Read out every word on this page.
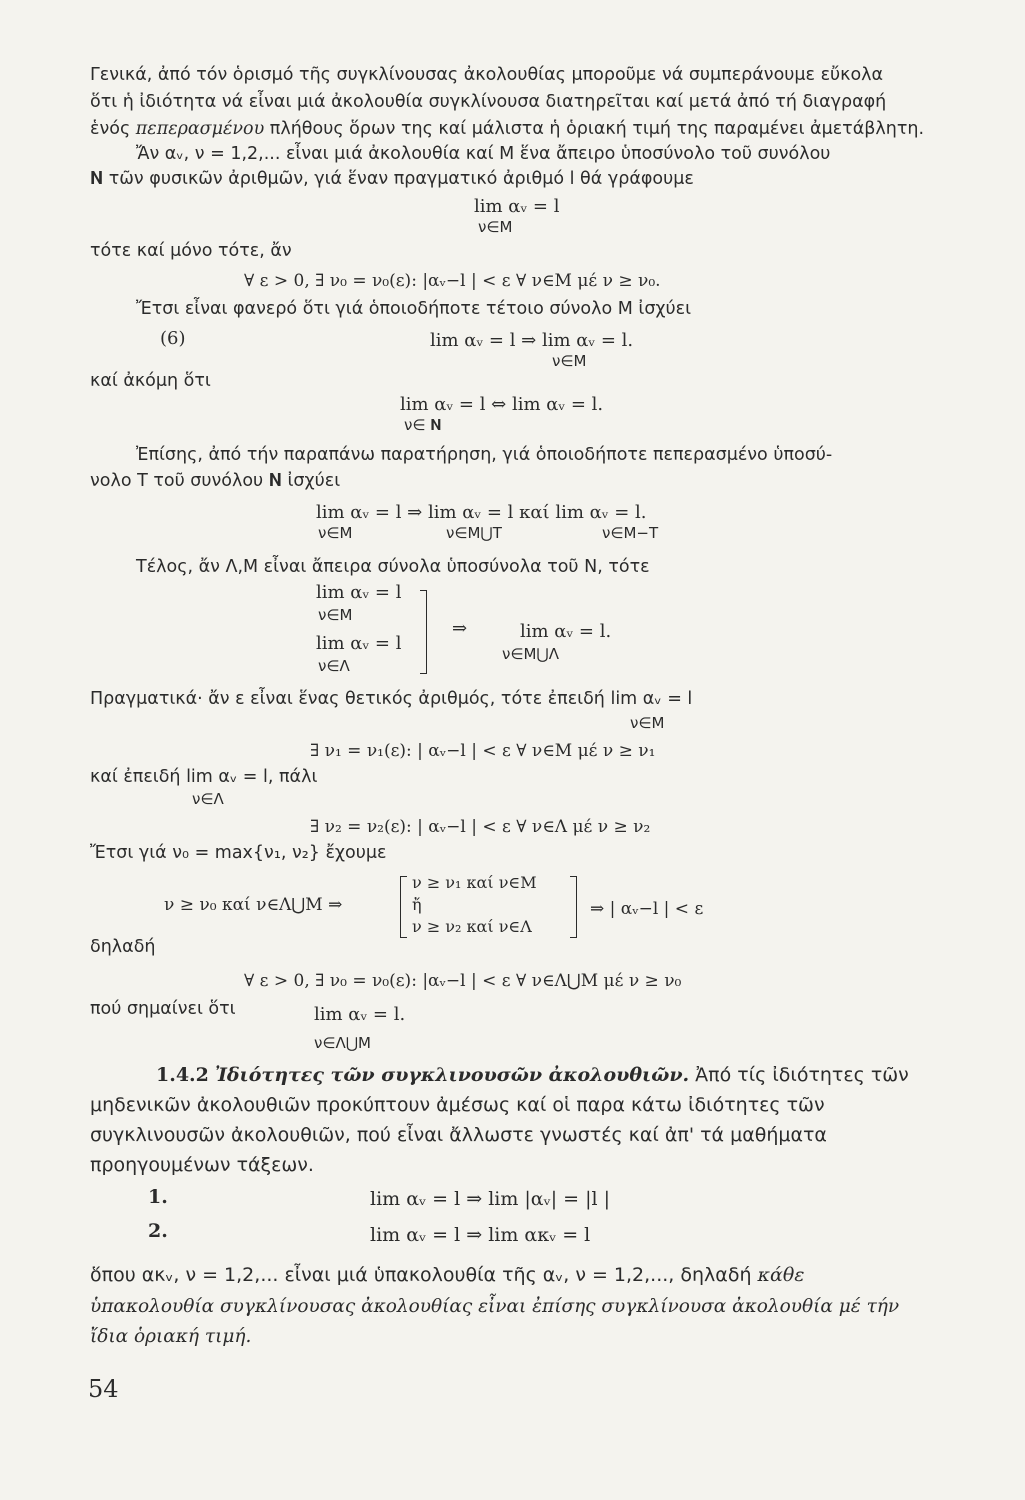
Γενικά, ἀπό τόν ὁρισμό τῆς συγκλίνουσας ἀκολουθίας μποροῦμε νά συμπεράνουμε εὔκολα
ὅτι ἡ ἰδιότητα νά εἶναι μιά ἀκολουθία συγκλίνουσα διατηρεῖται καί μετά ἀπό τή διαγραφή
ἑνός πεπερασμένου πλήθους ὅρων της καί μάλιστα ἡ ὁριακή τιμή της παραμένει ἀμετάβλητη.
Ἄν αᵥ, ν = 1,2,... εἶναι μιά ἀκολουθία καί Μ ἕνα ἄπειρο ὑποσύνολο τοῦ συνόλου
𝐍 τῶν φυσικῶν ἀριθμῶν, γιά ἕναν πραγματικό ἀριθμό l θά γράφουμε
lim αᵥ = l
ν∈Μ
τότε καί μόνο τότε, ἄν
∀ ε > 0, ∃ ν₀ = ν₀(ε): |αᵥ−l | < ε ∀ ν∈Μ μέ ν ≥ ν₀.
Ἔτσι εἶναι φανερό ὅτι γιά ὁποιοδήποτε τέτοιο σύνολο Μ ἰσχύει
(6)	lim αᵥ = l ⇒ lim αᵥ = l.
ν∈Μ
καί ἀκόμη ὅτι
lim αᵥ = l ⇔ lim αᵥ = l.
ν∈ 𝐍
Ἐπίσης, ἀπό τήν παραπάνω παρατήρηση, γιά ὁποιοδήποτε πεπερασμένο ὑποσύ-
νολο Τ τοῦ συνόλου 𝐍 ἰσχύει
lim αᵥ = l ⇒ lim αᵥ = l καί lim αᵥ = l.
ν∈Μ	ν∈Μ⋃Τ	ν∈Μ−Τ
Τέλος, ἄν Λ,Μ εἶναι ἄπειρα σύνολα ὑποσύνολα τοῦ Ν, τότε
lim αᵥ = l
ν∈Μ
lim αᵥ = l
ν∈Λ
⇒	lim αᵥ = l.
ν∈Μ⋃Λ
Πραγματικά· ἄν ε εἶναι ἕνας θετικός ἀριθμός, τότε ἐπειδή lim αᵥ = l
ν∈Μ
∃ ν₁ = ν₁(ε): | αᵥ−l | < ε ∀ ν∈Μ μέ ν ≥ ν₁
καί ἐπειδή lim αᵥ = l, πάλι
ν∈Λ
∃ ν₂ = ν₂(ε): | αᵥ−l | < ε ∀ ν∈Λ μέ ν ≥ ν₂
Ἔτσι γιά ν₀ = max{ν₁, ν₂} ἔχουμε
ν ≥ ν₀ καί ν∈Λ⋃Μ ⇒
ν ≥ ν₁ καί ν∈Μ
ἤ
ν ≥ ν₂ καί ν∈Λ
⇒ | αᵥ−l | < ε
δηλαδή
∀ ε > 0, ∃ ν₀ = ν₀(ε): |αᵥ−l | < ε ∀ ν∈Λ⋃Μ μέ ν ≥ ν₀
πού σημαίνει ὅτι	lim αᵥ = l.
ν∈Λ⋃Μ
1.4.2 Ἰδιότητες τῶν συγκλινουσῶν ἀκολουθιῶν. Ἀπό τίς ἰδιότητες τῶν
μηδενικῶν ἀκολουθιῶν προκύπτουν ἀμέσως καί οἱ παρα κάτω ἰδιότητες τῶν
συγκλινουσῶν ἀκολουθιῶν, πού εἶναι ἄλλωστε γνωστές καί ἀπ' τά μαθήματα
προηγουμένων τάξεων.
1.	lim αᵥ = l ⇒ lim |αᵥ| = |l |
2.	lim αᵥ = l ⇒ lim ακᵥ = l
ὅπου ακᵥ, ν = 1,2,... εἶναι μιά ὑπακολουθία τῆς αᵥ, ν = 1,2,..., δηλαδή κάθε
ὑπακολουθία συγκλίνουσας ἀκολουθίας εἶναι ἐπίσης συγκλίνουσα ἀκολουθία μέ τήν
ἴδια ὁριακή τιμή.
54
